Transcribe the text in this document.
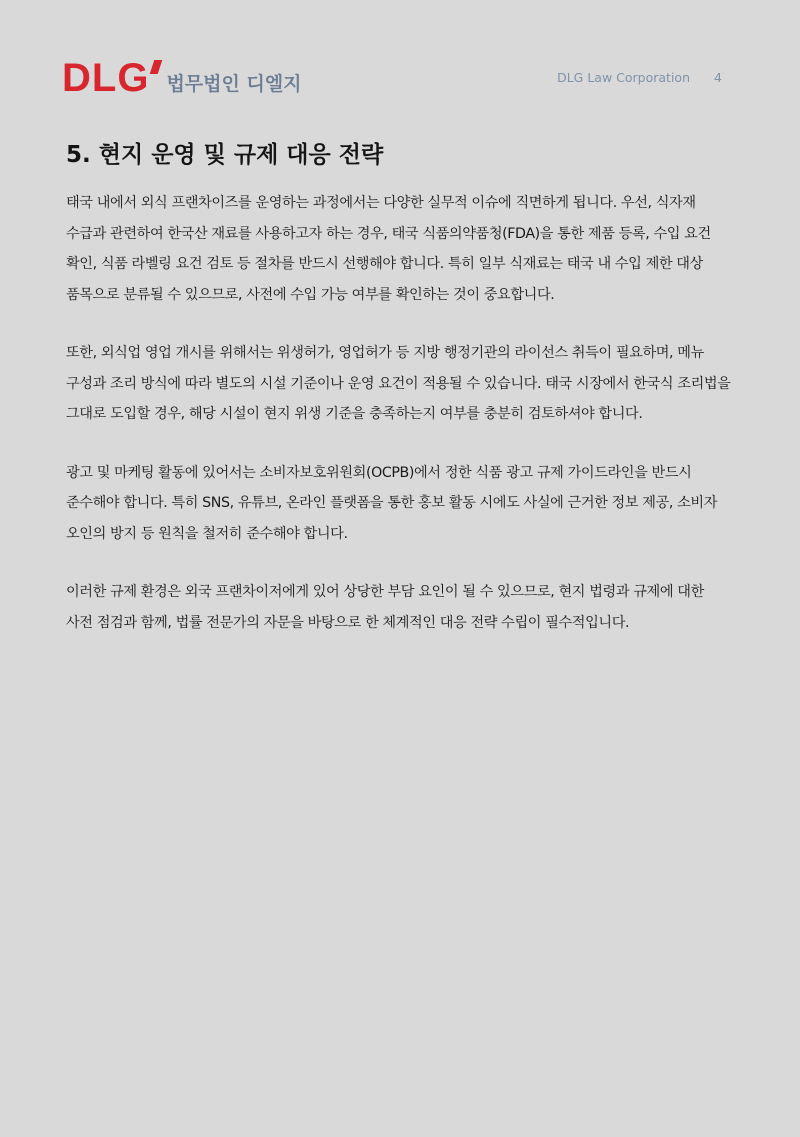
DLG 법무법인 디엘지	DLG Law Corporation 4
5. 현지 운영 및 규제 대응 전략

태국 내에서 외식 프랜차이즈를 운영하는 과정에서는 다양한 실무적 이슈에 직면하게 됩니다. 우선, 식자재 수급과 관련하여 한국산 재료를 사용하고자 하는 경우, 태국 식품의약품청(FDA)을 통한 제품 등록, 수입 요건 확인, 식품 라벨링 요건 검토 등 절차를 반드시 선행해야 합니다. 특히 일부 식재료는 태국 내 수입 제한 대상 품목으로 분류될 수 있으므로, 사전에 수입 가능 여부를 확인하는 것이 중요합니다.

또한, 외식업 영업 개시를 위해서는 위생허가, 영업허가 등 지방 행정기관의 라이선스 취득이 필요하며, 메뉴 구성과 조리 방식에 따라 별도의 시설 기준이나 운영 요건이 적용될 수 있습니다. 태국 시장에서 한국식 조리법을 그대로 도입할 경우, 해당 시설이 현지 위생 기준을 충족하는지 여부를 충분히 검토하셔야 합니다.

광고 및 마케팅 활동에 있어서는 소비자보호위원회(OCPB)에서 정한 식품 광고 규제 가이드라인을 반드시 준수해야 합니다. 특히 SNS, 유튜브, 온라인 플랫폼을 통한 홍보 활동 시에도 사실에 근거한 정보 제공, 소비자 오인의 방지 등 원칙을 철저히 준수해야 합니다.

이러한 규제 환경은 외국 프랜차이저에게 있어 상당한 부담 요인이 될 수 있으므로, 현지 법령과 규제에 대한 사전 점검과 함께, 법률 전문가의 자문을 바탕으로 한 체계적인 대응 전략 수립이 필수적입니다.
